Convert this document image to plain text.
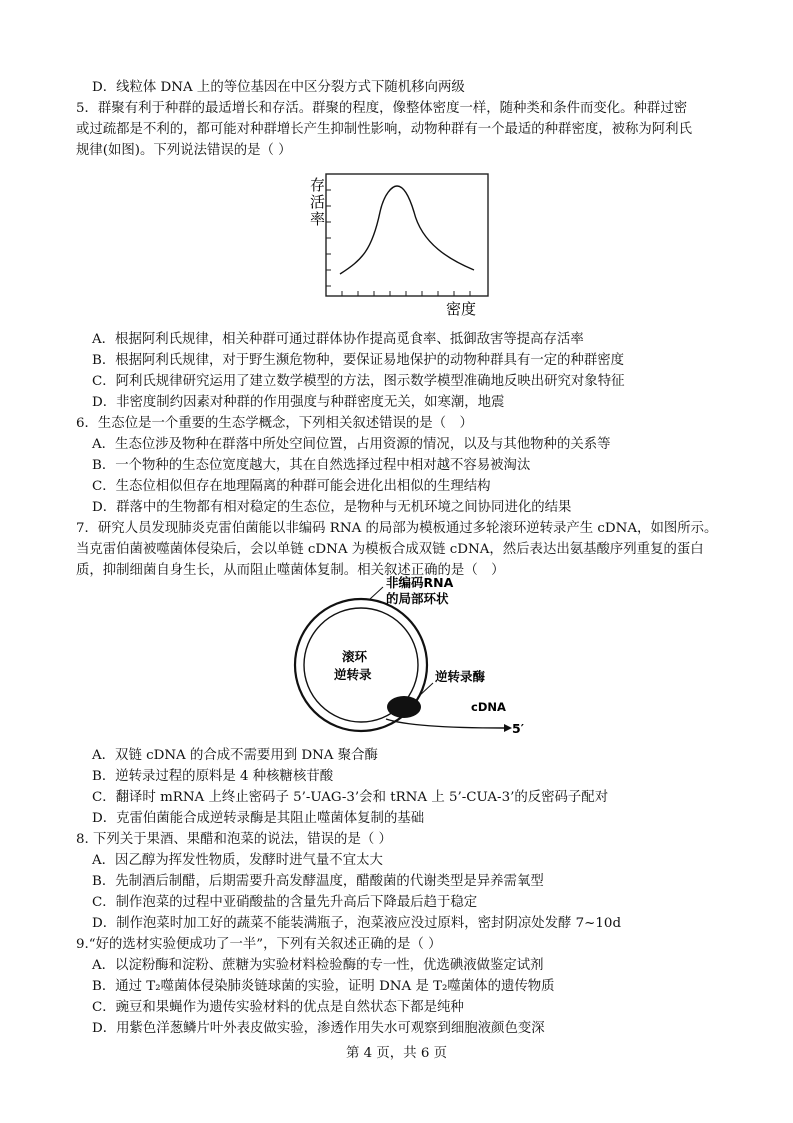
D．线粒体 DNA 上的等位基因在中区分裂方式下随机移向两级
5．群聚有利于种群的最适增长和存活。群聚的程度，像整体密度一样，随种类和条件而变化。种群过密
或过疏都是不利的，都可能对种群增长产生抑制性影响，动物种群有一个最适的种群密度，被称为阿利氏
规律(如图)。下列说法错误的是（ ）
存活率
密度
A．根据阿利氏规律，相关种群可通过群体协作提高觅食率、抵御敌害等提高存活率
B．根据阿利氏规律，对于野生濒危物种，要保证易地保护的动物种群具有一定的种群密度
C．阿利氏规律研究运用了建立数学模型的方法，图示数学模型准确地反映出研究对象特征
D．非密度制约因素对种群的作用强度与种群密度无关，如寒潮，地震
6．生态位是一个重要的生态学概念，下列相关叙述错误的是（　）
A．生态位涉及物种在群落中所处空间位置，占用资源的情况，以及与其他物种的关系等
B．一个物种的生态位宽度越大，其在自然选择过程中相对越不容易被淘汰
C．生态位相似但存在地理隔离的种群可能会进化出相似的生理结构
D．群落中的生物都有相对稳定的生态位，是物种与无机环境之间协同进化的结果
7．研究人员发现肺炎克雷伯菌能以非编码 RNA 的局部为模板通过多轮滚环逆转录产生 cDNA，如图所示。
当克雷伯菌被噬菌体侵染后，会以单链 cDNA 为模板合成双链 cDNA，然后表达出氨基酸序列重复的蛋白
质，抑制细菌自身生长，从而阻止噬菌体复制。相关叙述正确的是（　）
非编码RNA
的局部环状
滚环
逆转录	逆转录酶
cDNA
5′
A．双链 cDNA 的合成不需要用到 DNA 聚合酶
B．逆转录过程的原料是 4 种核糖核苷酸
C．翻译时 mRNA 上终止密码子 5’-UAG-3’会和 tRNA 上 5’-CUA-3’的反密码子配对
D．克雷伯菌能合成逆转录酶是其阻止噬菌体复制的基础
8. 下列关于果酒、果醋和泡菜的说法，错误的是（ ）
A．因乙醇为挥发性物质，发酵时进气量不宜太大
B．先制酒后制醋，后期需要升高发酵温度，醋酸菌的代谢类型是异养需氧型
C．制作泡菜的过程中亚硝酸盐的含量先升高后下降最后趋于稳定
D．制作泡菜时加工好的蔬菜不能装满瓶子，泡菜液应没过原料，密封阴凉处发酵 7~10d
9.“好的选材实验便成功了一半”，下列有关叙述正确的是（ ）
A．以淀粉酶和淀粉、蔗糖为实验材料检验酶的专一性，优选碘液做鉴定试剂
B．通过 T₂噬菌体侵染肺炎链球菌的实验，证明 DNA 是 T₂噬菌体的遗传物质
C．豌豆和果蝇作为遗传实验材料的优点是自然状态下都是纯种
D．用紫色洋葱鳞片叶外表皮做实验，渗透作用失水可观察到细胞液颜色变深
第 4 页，共 6 页
